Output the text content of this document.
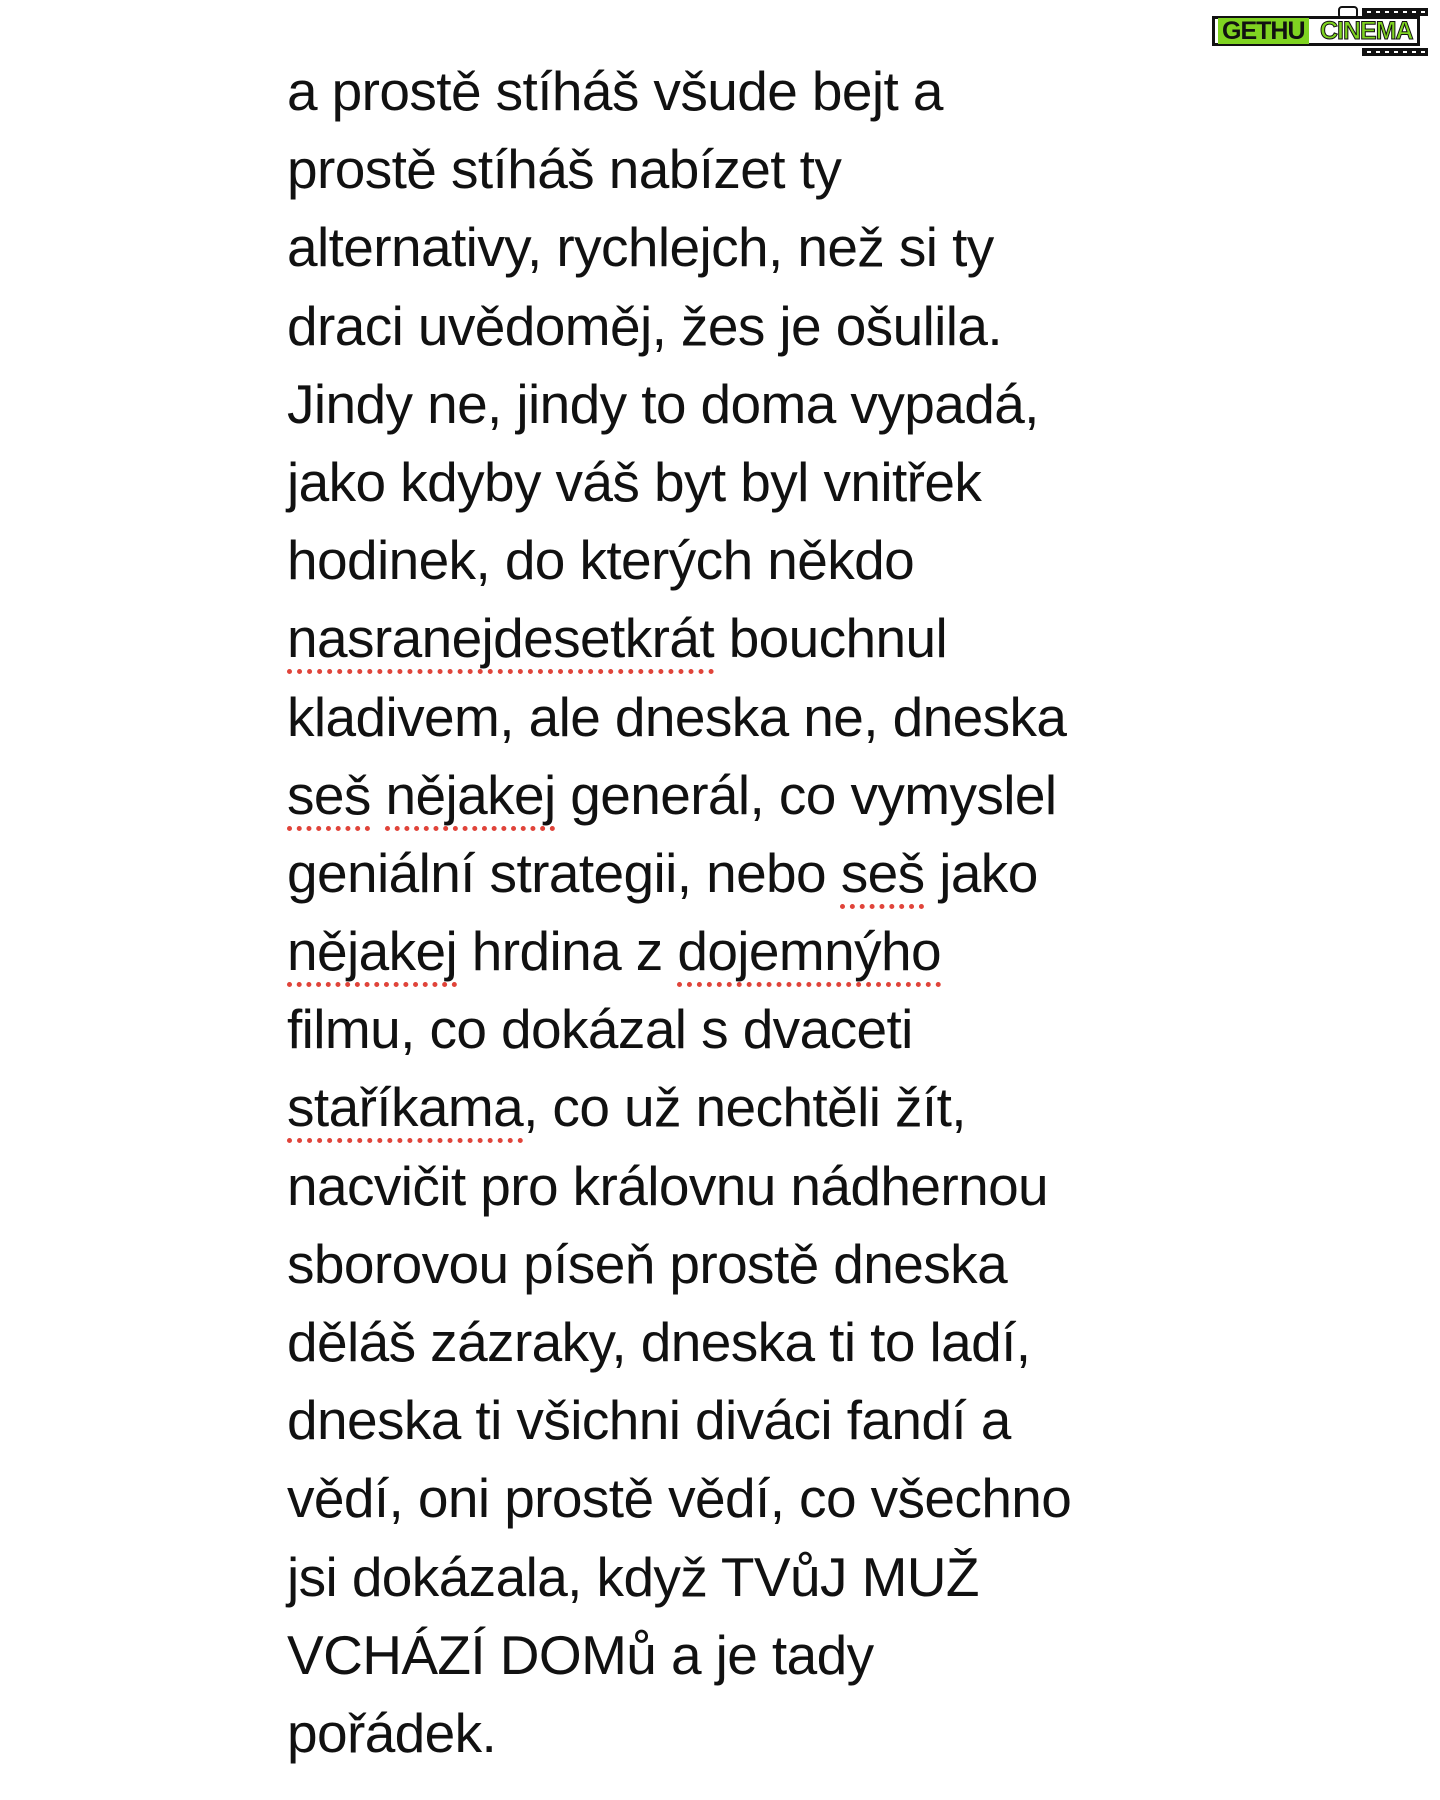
GETHU CINEMA
a prostě stíháš všude bejt a
prostě stíháš nabízet ty
alternativy, rychlejch, než si ty
draci uvědoměj, žes je ošulila.
Jindy ne, jindy to doma vypadá,
jako kdyby váš byt byl vnitřek
hodinek, do kterých někdo
nasranejdesetkrát bouchnul
kladivem, ale dneska ne, dneska
seš nějakej generál, co vymyslel
geniální strategii, nebo seš jako
nějakej hrdina z dojemnýho
filmu, co dokázal s dvaceti
staříkama, co už nechtěli žít,
nacvičit pro královnu nádhernou
sborovou píseň prostě dneska
děláš zázraky, dneska ti to ladí,
dneska ti všichni diváci fandí a
vědí, oni prostě vědí, co všechno
jsi dokázala, když TVůJ MUŽ
VCHÁZÍ DOMů a je tady
pořádek.
